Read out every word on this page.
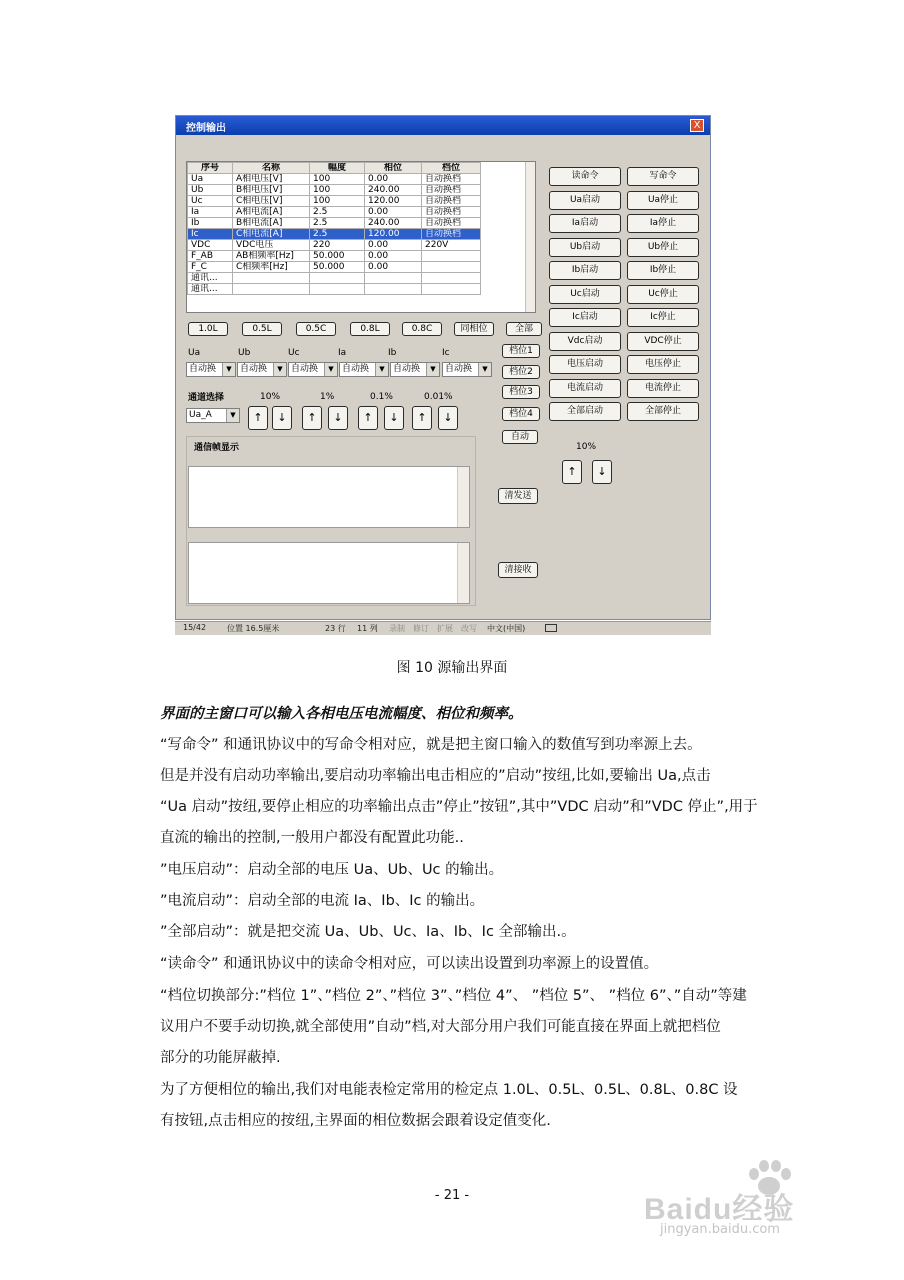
控制输出	X
序号	名称	幅度	相位	档位
Ua	A相电压[V]	100	0.00	自动换档
Ub	B相电压[V]	100	240.00	自动换档
Uc	C相电压[V]	100	120.00	自动换档
Ia	A相电流[A]	2.5	0.00	自动换档
Ib	B相电流[A]	2.5	240.00	自动换档
Ic	C相电流[A]	2.5	120.00	自动换档
VDC	VDC电压	220	0.00	220V
F_AB	AB相频率[Hz]	50.000	0.00	
F_C	C相频率[Hz]	50.000	0.00	
通讯...				
通讯...				
1.0L	0.5L	0.5C	0.8L	0.8C	同相位	全部
档位1
档位2
档位3
档位4
自动
Ua	Ub	Uc	Ia	Ib	Ic
自动换	▼ 自动换	▼ 自动换	▼ 自动换	▼ 自动换	▼	自动换	▼
通道选择
Ua_A	▼
10%	1%	0.1%	0.01%
↑	↓	↑	↓	↑	↓	↑	↓
10%
↑	↓
通信帧显示
清发送
清接收
读命令	写命令
Ua启动	Ua停止
Ia启动	Ia停止
Ub启动	Ub停止
Ib启动	Ib停止
Uc启动	Uc停止
Ic启动	Ic停止
Vdc启动	VDC停止
电压启动	电压停止
电流启动	电流停止
全部启动	全部停止
15/42	位置 16.5厘米	23 行 11 列 录制 修订 扩展 改写 中文(中国)
图 10 源输出界面
界面的主窗口可以输入各相电压电流幅度、相位和频率。
“写命令” 和通讯协议中的写命令相对应，就是把主窗口输入的数值写到功率源上去。
但是并没有启动功率输出,要启动功率输出电击相应的”启动”按纽,比如,要输出 Ua,点击
“Ua 启动”按纽,要停止相应的功率输出点击”停止”按钮”,其中”VDC 启动”和”VDC 停止”,用于
直流的输出的控制,一般用户都没有配置此功能..
”电压启动”：启动全部的电压 Ua、Ub、Uc 的输出。
”电流启动”：启动全部的电流 Ia、Ib、Ic 的输出。
”全部启动”：就是把交流 Ua、Ub、Uc、Ia、Ib、Ic 全部输出.。
“读命令” 和通讯协议中的读命令相对应，可以读出设置到功率源上的设置值。
“档位切换部分:”档位 1”、”档位 2”、”档位 3”、”档位 4”、 ”档位 5”、 ”档位 6”、”自动”等建
议用户不要手动切换,就全部使用”自动”档,对大部分用户我们可能直接在界面上就把档位
部分的功能屏蔽掉.
为了方便相位的输出,我们对电能表检定常用的检定点 1.0L、0.5L、0.5L、0.8L、0.8C 设
有按钮,点击相应的按纽,主界面的相位数据会跟着设定值变化.
- 21 -	Baidu经验
jingyan.baidu.com
